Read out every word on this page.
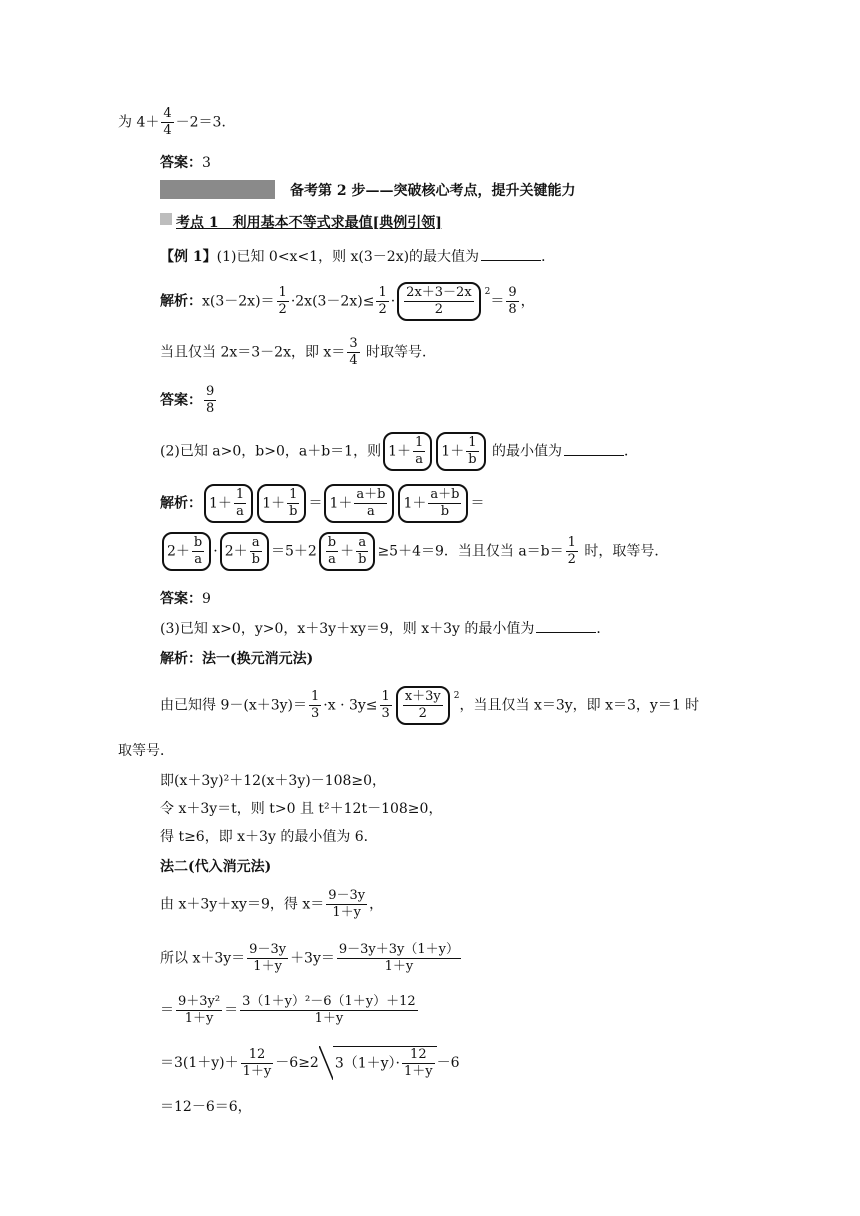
为 $4+ \frac{4}{4} -2=3$．
答案：3
备考第 2 步——突破核心考点，提升关键能力
考点 1　利用基本不等式求最值[典例引领]
【例 1】(1)已知 0<x<1，则 x(3－2x)的最大值为	．
解析：$x(3-2x)= \frac{1}{2} \cdot 2x(3-2x)\le \frac{1}{2} \cdot \frac{2x+3-2x}{2} ^2= \frac{9}{8}$ ，
当且仅当 2x＝3－2x，即 $x= \frac{3}{4}$ 时取等号．
答案： $\frac{9}{8}$
(2)已知 a>0，b>0，a＋b＝1，则 $1+ \frac{1}{a} 1+ \frac{1}{b}$ 的最小值为	．
解析： $1+ \frac{1}{a} 1+ \frac{1}{b} = 1+ \frac{a+b}{a} 1+ \frac{a+b}{b}$ ＝
$2+ \frac{b}{a} \cdot 2+ \frac{a}{b} =5+2 \frac{b}{a} + \frac{a}{b} \ge 5+4=9$．当且仅当 $a=b= \frac{1}{2}$ 时，取等号．
答案：9
(3)已知 x>0，y>0，x＋3y＋xy＝9，则 x＋3y 的最小值为	．
解析：法一(换元消元法)
由已知得 $9-(x+3y)= \frac{1}{3} \cdot x \cdot 3y\le \frac{1}{3} \frac{x+3y}{2} ^2$，当且仅当 x＝3y，即 x＝3，y＝1 时
取等号．
即(x＋3y)²＋12(x＋3y)－108≥0，
令 x＋3y＝t，则 t>0 且 t²＋12t－108≥0，
得 t≥6，即 x＋3y 的最小值为 6．
法二(代入消元法)
由 x＋3y＋xy＝9，得 $x= \frac{9-3y}{1+y}$ ，
所以 $x+3y= \frac{9-3y}{1+y} +3y= \frac{9-3y+3y(1+y)}{1+y}$
＝ $\frac{\text{9＋3y²}}{1+y} = \frac{\text{3（1＋y）²－6（1＋y）＋12}}{1+y}$
$=3(1+y)+ \frac{12}{1+y} -6\ge 2$ $3(1+y)\cdot \frac{12}{1+y} -6$
＝12－6＝6，
